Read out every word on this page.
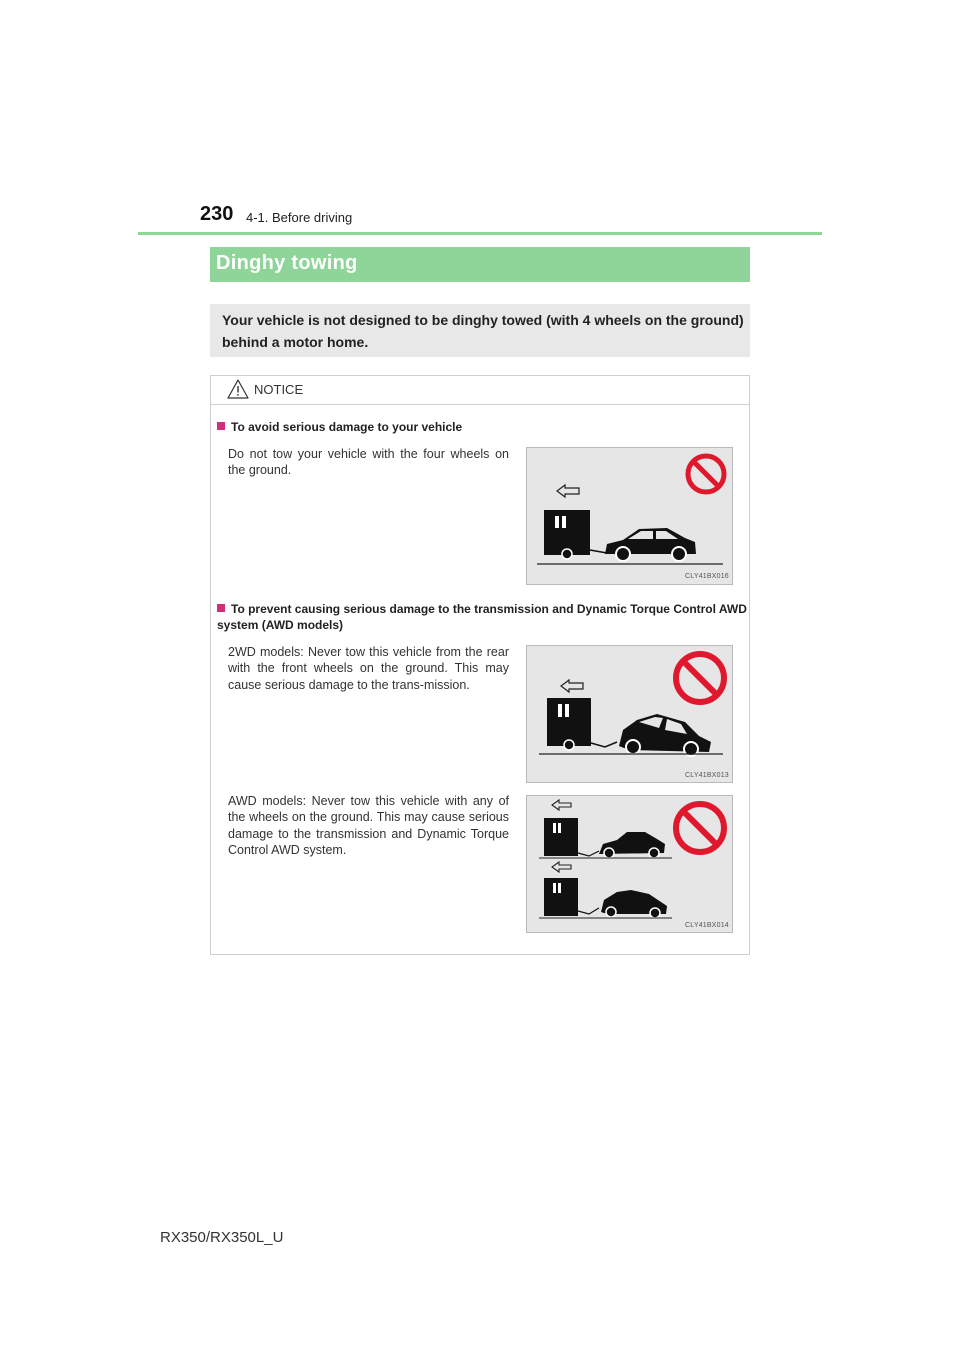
230 4-1. Before driving
Dinghy towing

Your vehicle is not designed to be dinghy towed (with 4 wheels on the ground) behind a motor home.

NOTICE
To avoid serious damage to your vehicle
Do not tow your vehicle with the four wheels on the ground.
CLY41BX016
To prevent causing serious damage to the transmission and Dynamic Torque Control AWD system (AWD models)
2WD models: Never tow this vehicle from the rear with the front wheels on the ground. This may cause serious damage to the trans-mission.
CLY41BX013
AWD models: Never tow this vehicle with any of the wheels on the ground. This may cause serious damage to the transmission and Dynamic Torque Control AWD system.
CLY41BX014
RX350/RX350L_U
